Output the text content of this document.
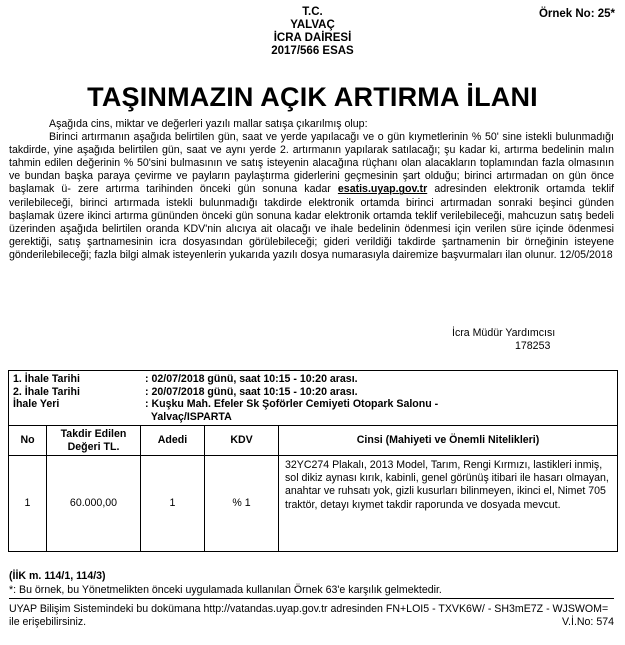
T.C.
YALVAÇ
İCRA DAİRESİ
2017/566 ESAS
Örnek No: 25*
TAŞINMAZIN AÇIK ARTIRMA İLANI

Aşağıda cins, miktar ve değerleri yazılı mallar satışa çıkarılmış olup:

Birinci artırmanın aşağıda belirtilen gün, saat ve yerde yapılacağı ve o gün kıymetlerinin % 50' sine istekli bulunmadığı takdirde, yine aşağıda belirtilen gün, saat ve aynı yerde 2. artırmanın yapılarak satılacağı; şu kadar ki, artırma bedelinin malın tahmin edilen değerinin % 50'sini bulmasının ve satış isteyenin alacağına rüçhanı olan alacakların toplamından fazla olmasının ve bundan başka paraya çevirme ve payların paylaştırma giderlerini geçmesinin şart olduğu; birinci artırmadan on gün önce başlamak ü- zere artırma tarihinden önceki gün sonuna kadar esatis.uyap.gov.tr adresinden elektronik ortamda teklif verilebileceği, birinci artırmada istekli bulunmadığı takdirde elektronik ortamda birinci artırmadan sonraki beşinci günden başlamak üzere ikinci artırma gününden önceki gün sonuna kadar elektronik ortamda teklif verilebileceği, mahcuzun satış bedeli üzerinden aşağıda belirtilen oranda KDV'nin alıcıya ait olacağı ve ihale bedelinin ödenmesi için verilen süre içinde ödenmesi gerektiği, satış şartnamesinin icra dosyasından görülebileceği; gideri verildiği takdirde şartnamenin bir örneğinin isteyene gönderilebileceği; fazla bilgi almak isteyenlerin yukarıda yazılı dosya numarasıyla dairemize başvurmaları ilan olunur. 12/05/2018

İcra Müdür Yardımcısı
178253
1. İhale Tarihi : 02/07/2018 günü, saat 10:15 - 10:20 arası.
2. İhale Tarihi : 20/07/2018 günü, saat 10:15 - 10:20 arası.
İhale Yeri : Kuşku Mah. Efeler Sk Şoförler Cemiyeti Otopark Salonu -
Yalvaç/ISPARTA				

No	Takdir Edilen Değeri TL.	Adedi	KDV	Cinsi (Mahiyeti ve Önemli Nitelikleri)
1	60.000,00	1	% 1	32YC274 Plakalı, 2013 Model, Tarım, Rengi Kırmızı, lastikleri inmiş, sol dikiz aynası kırık, kabinli, genel görünüş itibari ile hasarı olmayan, anahtar ve ruhsatı yok, gizli kusurları bilinmeyen, ikinci el, Nimet 705 traktör, detayı kıymet takdir raporunda ve dosyada mevcut.
(İİK m. 114/1, 114/3)
*: Bu örnek, bu Yönetmelikten önceki uygulamada kullanılan Örnek 63'e karşılık gelmektedir.
UYAP Bilişim Sistemindeki bu dokümana http://vatandas.uyap.gov.tr adresinden FN+LOI5 - TXVK6W/ - SH3mE7Z - WJSWOM= ile erişebilirsiniz.	V.İ.No: 574
